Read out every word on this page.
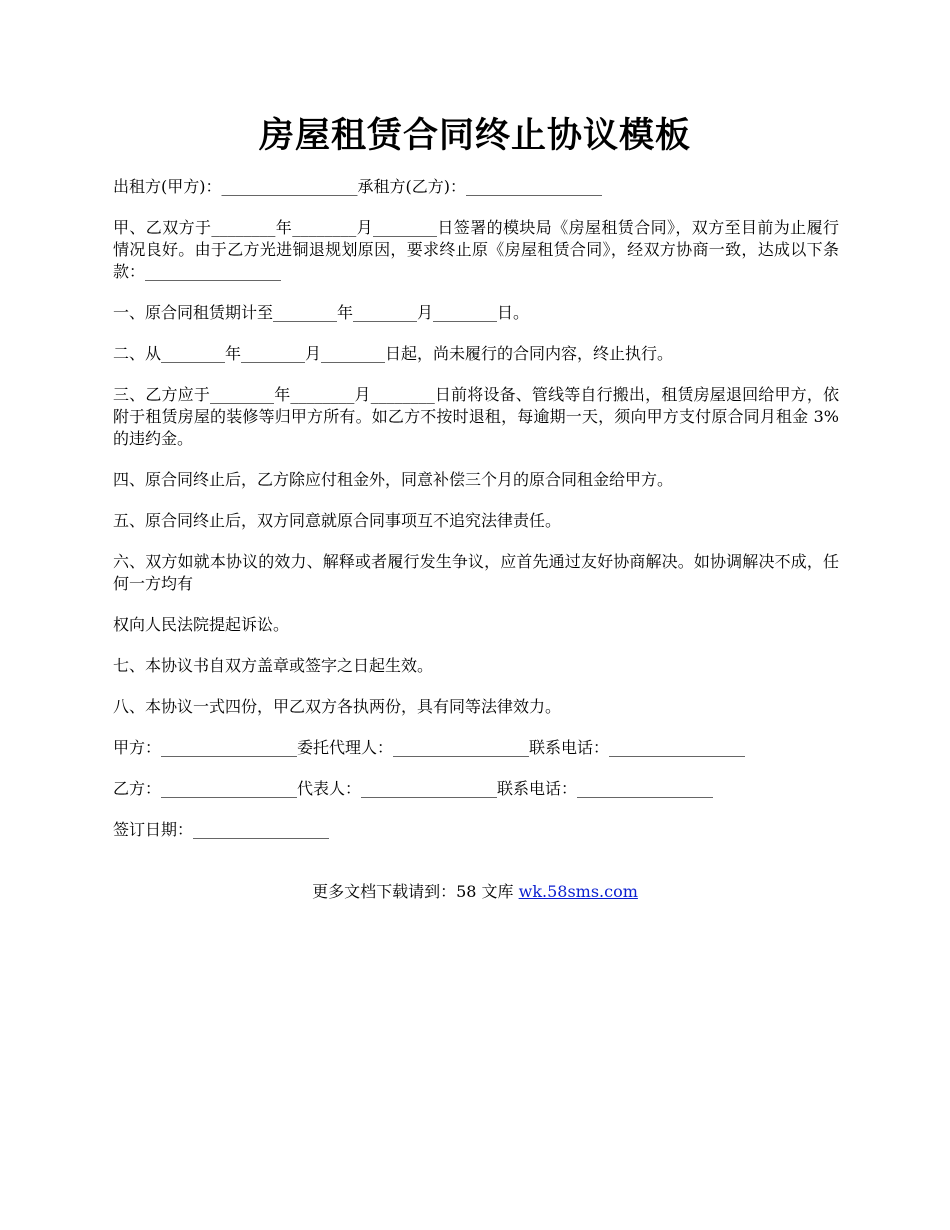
房屋租赁合同终止协议模板

出租方(甲方)：_________________承租方(乙方)：_________________

甲、乙双方于________年________月________日签署的模块局《房屋租赁合同》，双方至目前为止履行情况良好。由于乙方光进铜退规划原因，要求终止原《房屋租赁合同》，经双方协商一致，达成以下条款：_________________

一、原合同租赁期计至________年________月________日。

二、从________年________月________日起，尚未履行的合同内容，终止执行。

三、乙方应于________年________月________日前将设备、管线等自行搬出，租赁房屋退回给甲方，依附于租赁房屋的装修等归甲方所有。如乙方不按时退租，每逾期一天，须向甲方支付原合同月租金 3%的违约金。

四、原合同终止后，乙方除应付租金外，同意补偿三个月的原合同租金给甲方。

五、原合同终止后，双方同意就原合同事项互不追究法律责任。

六、双方如就本协议的效力、解释或者履行发生争议，应首先通过友好协商解决。如协调解决不成，任何一方均有

权向人民法院提起诉讼。

七、本协议书自双方盖章或签字之日起生效。

八、本协议一式四份，甲乙双方各执两份，具有同等法律效力。

甲方：_________________委托代理人：_________________联系电话：_________________

乙方：_________________代表人：_________________联系电话：_________________

签订日期：_________________

更多文档下载请到：58 文库 wk.58sms.com
